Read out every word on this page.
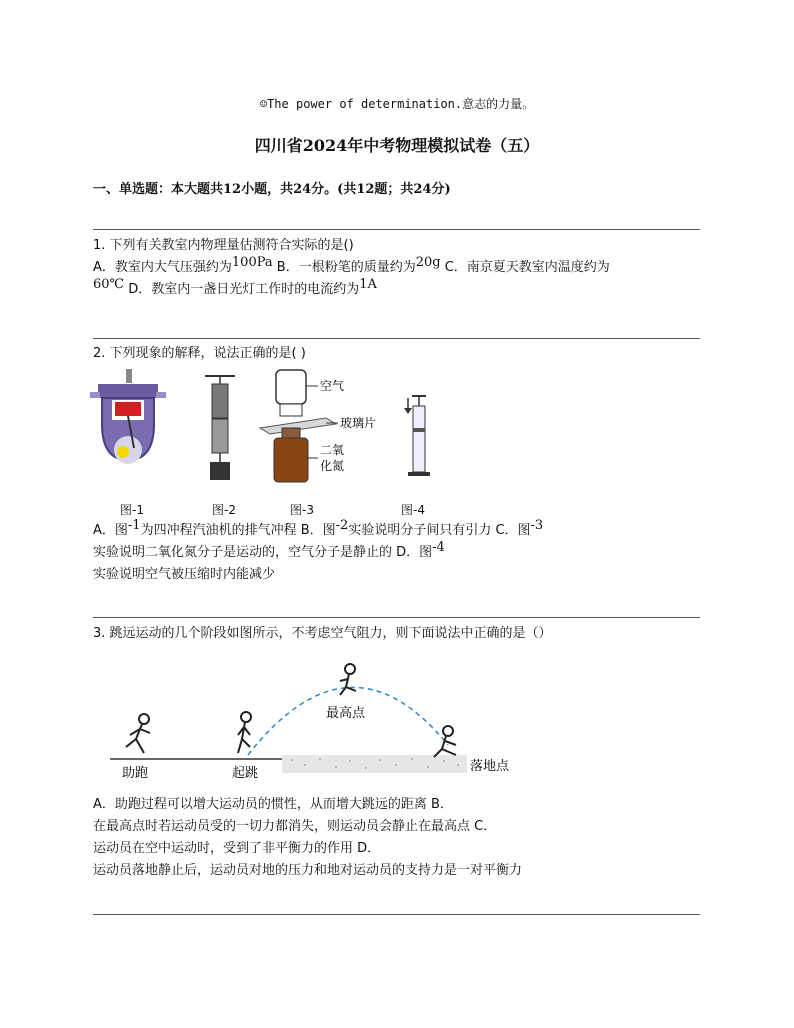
☺The power of determination.意志的力量。
四川省2024年中考物理模拟试卷（五）
一、单选题：本大题共12小题，共24分。(共12题；共24分)
1. 下列有关教室内物理量估测符合实际的是()
A．教室内大气压强约为100Pa B．一根粉笔的质量约为20g C．南京夏天教室内温度约为
60℃ D．教室内一盏日光灯工作时的电流约为1A
2. 下列现象的解释，说法正确的是( )
空气
玻璃片
二氧
化氮
图-1	图-2	图-3	图-4
A．图-1为四冲程汽油机的排气冲程 B．图-2实验说明分子间只有引力 C．图-3
实验说明二氧化氮分子是运动的，空气分子是静止的 D．图-4
实验说明空气被压缩时内能减少
3. 跳远运动的几个阶段如图所示，不考虑空气阻力，则下面说法中正确的是（）
助跑	起跳
最高点
落地点
A．助跑过程可以增大运动员的惯性，从而增大跳远的距离 B．
在最高点时若运动员受的一切力都消失，则运动员会静止在最高点 C．
运动员在空中运动时，受到了非平衡力的作用 D．
运动员落地静止后，运动员对地的压力和地对运动员的支持力是一对平衡力
